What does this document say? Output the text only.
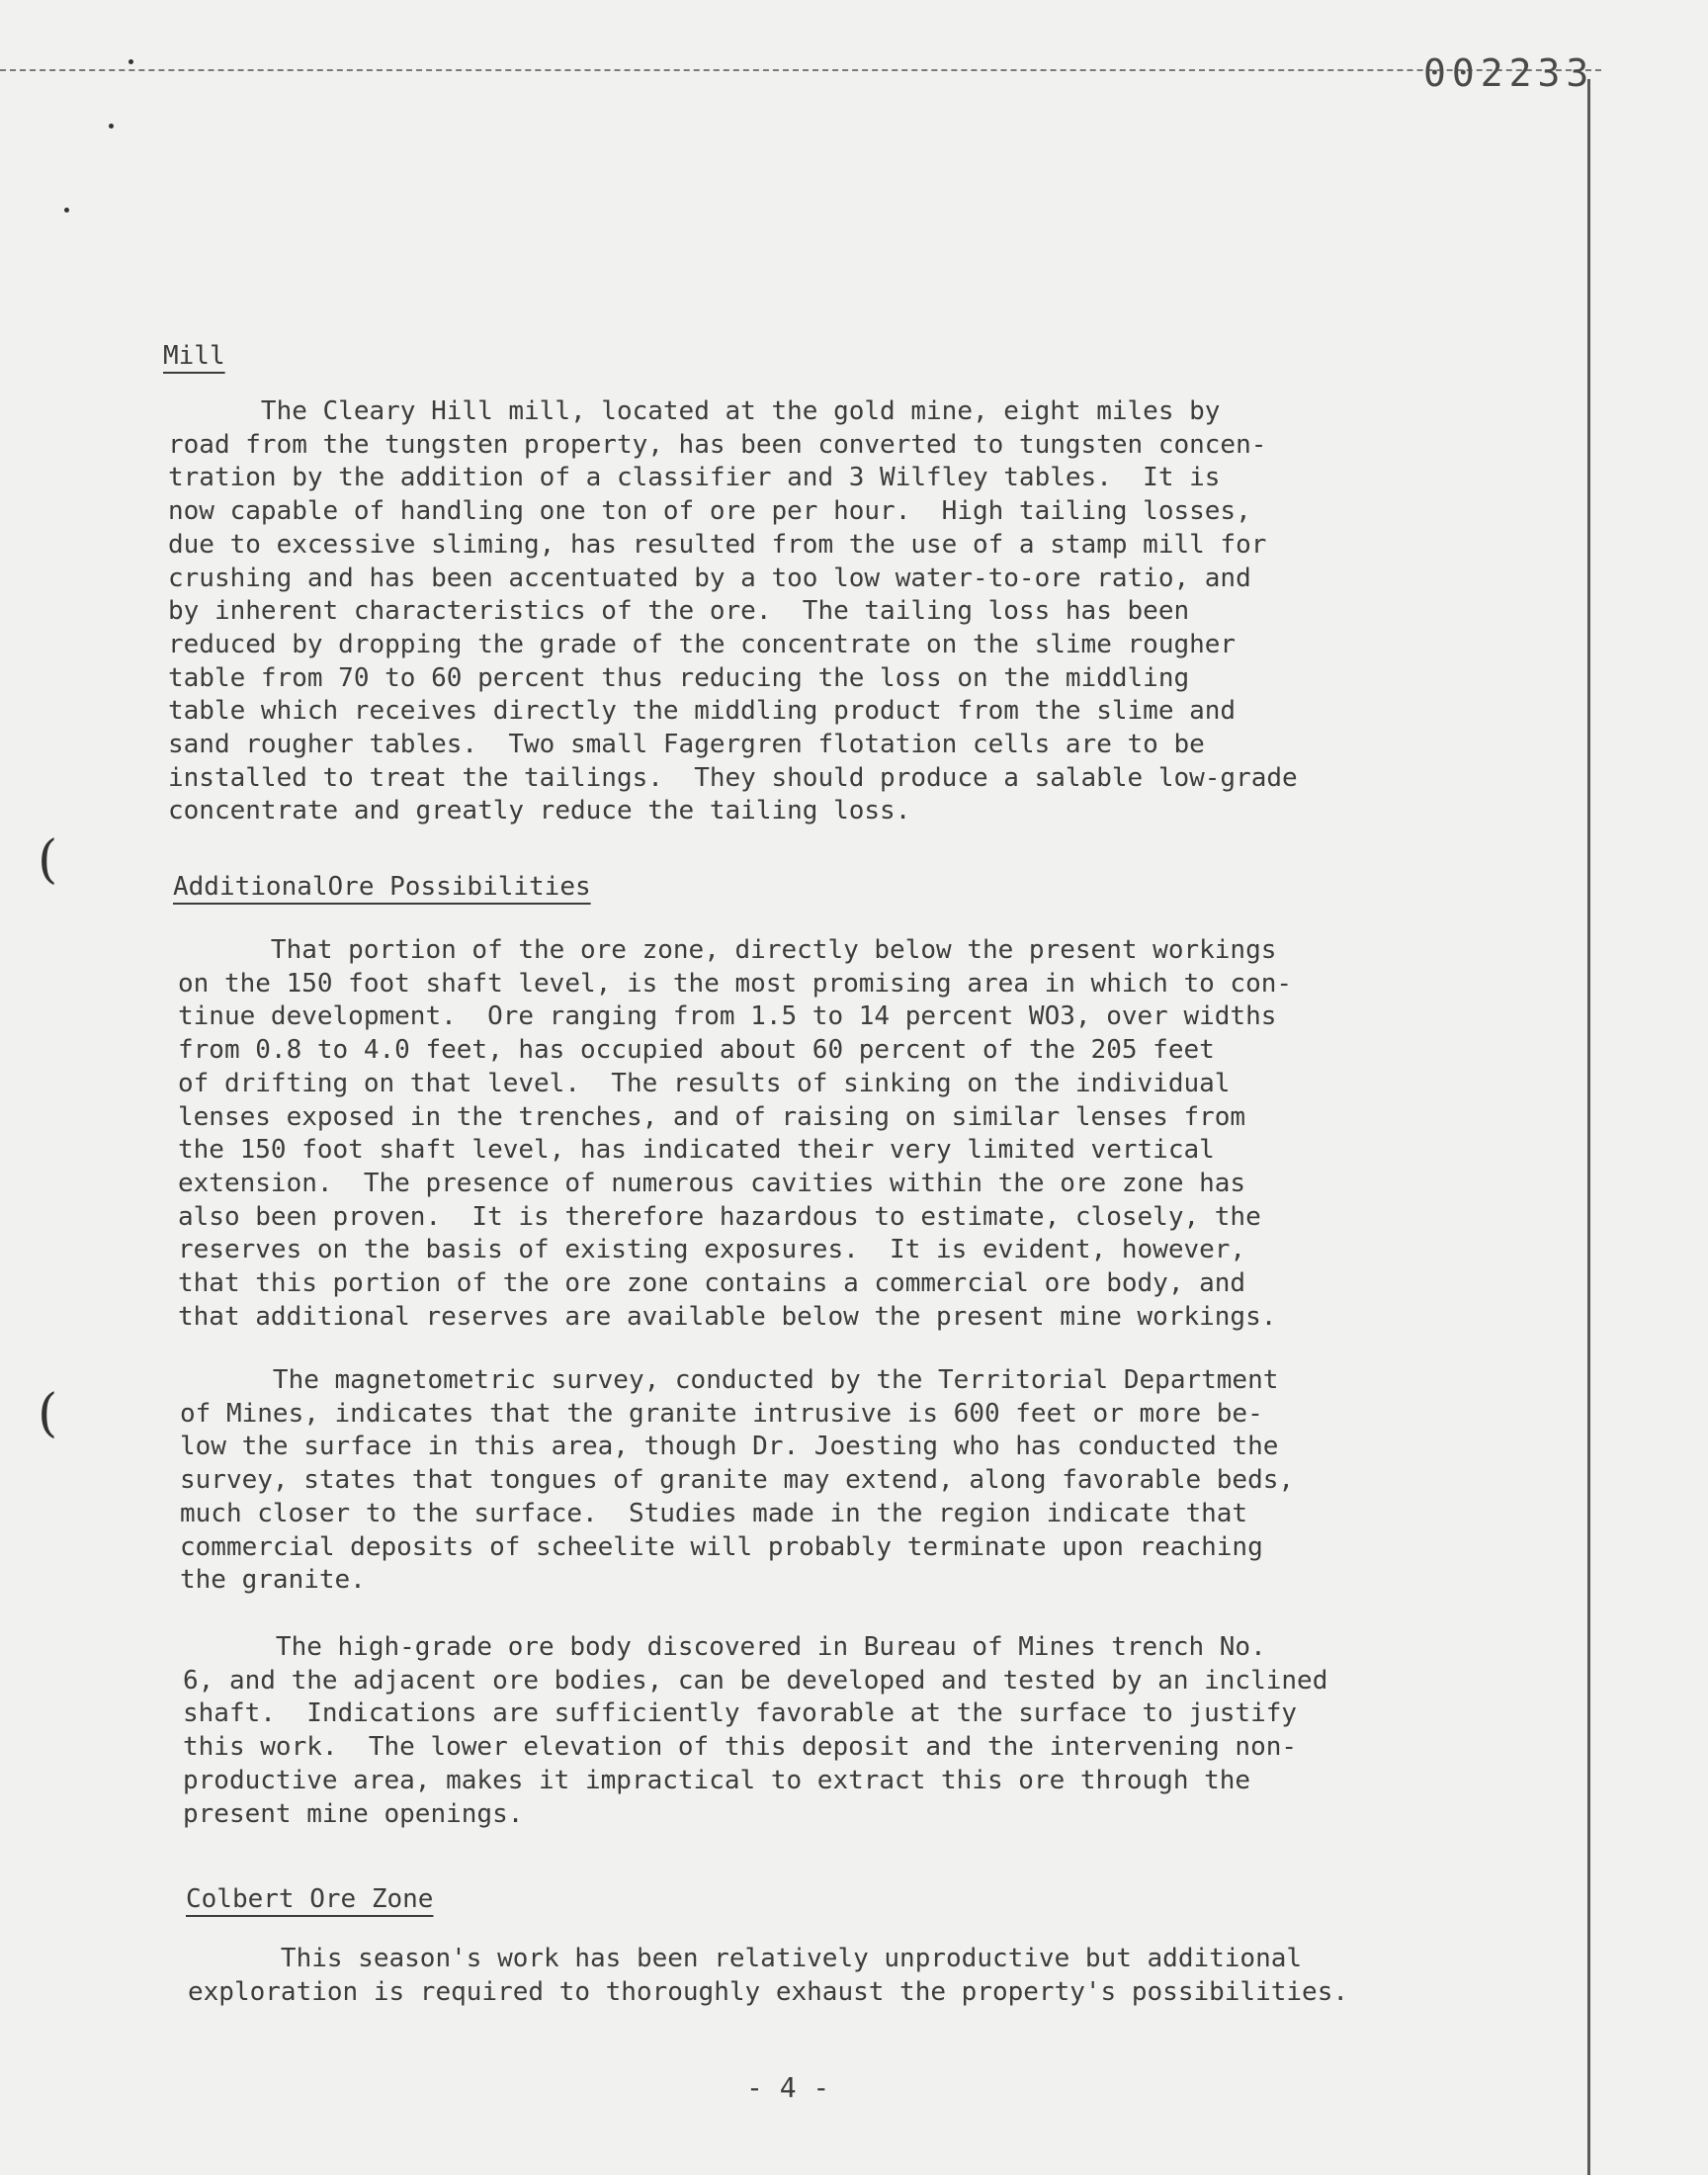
002233
(
(
Mill
The Cleary Hill mill, located at the gold mine, eight miles by
road from the tungsten property, has been converted to tungsten concen-
tration by the addition of a classifier and 3 Wilfley tables.  It is
now capable of handling one ton of ore per hour.  High tailing losses,
due to excessive sliming, has resulted from the use of a stamp mill for
crushing and has been accentuated by a too low water-to-ore ratio, and
by inherent characteristics of the ore.  The tailing loss has been
reduced by dropping the grade of the concentrate on the slime rougher
table from 70 to 60 percent thus reducing the loss on the middling
table which receives directly the middling product from the slime and
sand rougher tables.  Two small Fagergren flotation cells are to be
installed to treat the tailings.  They should produce a salable low-grade
concentrate and greatly reduce the tailing loss.
AdditionalOre Possibilities
That portion of the ore zone, directly below the present workings
on the 150 foot shaft level, is the most promising area in which to con-
tinue development.  Ore ranging from 1.5 to 14 percent WO3, over widths
from 0.8 to 4.0 feet, has occupied about 60 percent of the 205 feet
of drifting on that level.  The results of sinking on the individual
lenses exposed in the trenches, and of raising on similar lenses from
the 150 foot shaft level, has indicated their very limited vertical
extension.  The presence of numerous cavities within the ore zone has
also been proven.  It is therefore hazardous to estimate, closely, the
reserves on the basis of existing exposures.  It is evident, however,
that this portion of the ore zone contains a commercial ore body, and
that additional reserves are available below the present mine workings.
The magnetometric survey, conducted by the Territorial Department
of Mines, indicates that the granite intrusive is 600 feet or more be-
low the surface in this area, though Dr. Joesting who has conducted the
survey, states that tongues of granite may extend, along favorable beds,
much closer to the surface.  Studies made in the region indicate that
commercial deposits of scheelite will probably terminate upon reaching
the granite.
The high-grade ore body discovered in Bureau of Mines trench No.
6, and the adjacent ore bodies, can be developed and tested by an inclined
shaft.  Indications are sufficiently favorable at the surface to justify
this work.  The lower elevation of this deposit and the intervening non-
productive area, makes it impractical to extract this ore through the
present mine openings.
Colbert Ore Zone
This season's work has been relatively unproductive but additional
exploration is required to thoroughly exhaust the property's possibilities.
- 4 -
